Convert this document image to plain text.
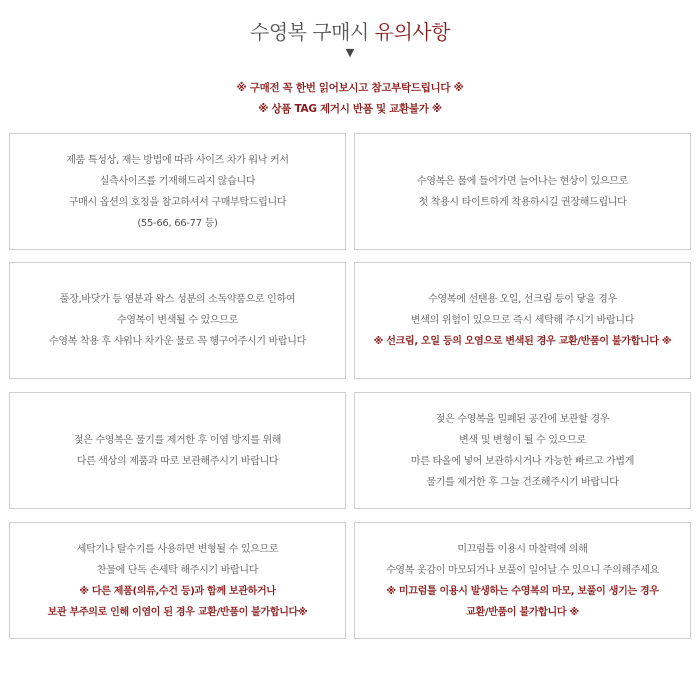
수영복 구매시 유의사항
▼
※ 구매전 꼭 한번 읽어보시고 참고부탁드립니다 ※
※ 상품 TAG 제거시 반품 및 교환불가 ※
제품 특성상, 재는 방법에 따라 사이즈 차가 워낙 커서
실측사이즈를 기재해드리지 않습니다
구매시 옵션의 호칭을 참고하셔서 구매부탁드립니다
(55-66, 66-77 등)
수영복은 물에 들어가면 늘어나는 현상이 있으므로
첫 착용시 타이트하게 착용하시길 권장해드립니다
풀장,바닷가 등 염분과 왁스 성분의 소독약품으로 인하여
수영복이 변색될 수 있으므로
수영복 착용 후 샤워나 차가운 물로 꼭 헹구어주시기 바랍니다
수영복에 선탠용 오일, 선크림 등이 닿을 경우
변색의 위험이 있으므로 즉시 세탁해 주시기 바랍니다
※ 선크림, 오일 등의 오염으로 변색된 경우 교환/반품이 불가합니다 ※
젖은 수영복은 물기를 제거한 후 이염 방지를 위해
다른 색상의 제품과 따로 보관해주시기 바랍니다
젖은 수영복을 밀폐된 공간에 보관할 경우
변색 및 변형이 될 수 있으므로
마른 타올에 넣어 보관하시거나 가능한 빠르고 가볍게
물기를 제거한 후 그늘 건조해주시기 바랍니다
세탁기나 탈수기를 사용하면 변형될 수 있으므로
찬물에 단독 손세탁 해주시기 바랍니다
※ 다른 제품(의류,수건 등)과 함께 보관하거나
보관 부주의로 인해 이염이 된 경우 교환/반품이 불가합니다※
미끄럼틀 이용시 마찰력에 의해
수영복 옷감이 마모되거나 보풀이 일어날 수 있으니 주의해주세요
※ 미끄럼틀 이용시 발생하는 수영복의 마모, 보풀이 생기는 경우
교환/반품이 불가합니다 ※
